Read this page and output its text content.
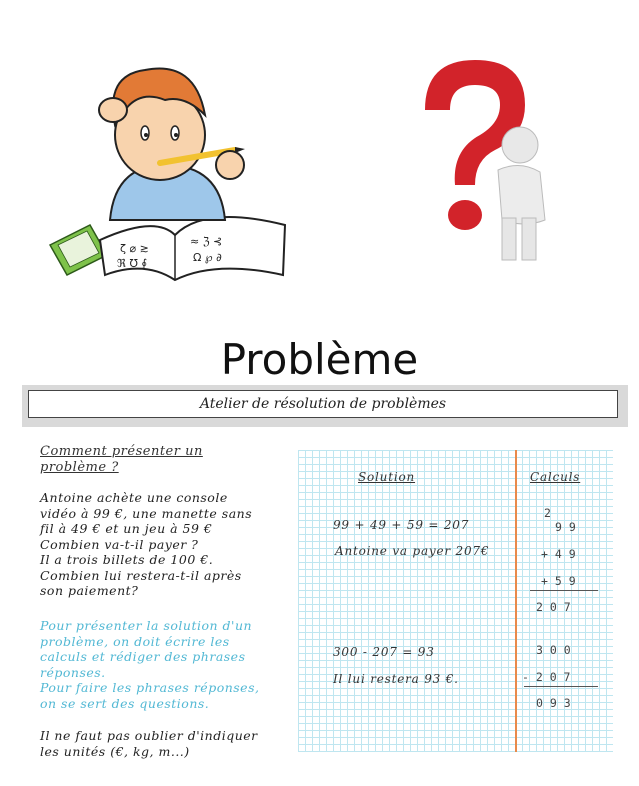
ζ ⌀ ≳
ℜ ℧ ∮
≈ ℨ ⊰
Ω ℘ ∂
Problème
Atelier de résolution de problèmes
Comment présenter un
problème ?
Antoine achète une console
vidéo à 99 €, une manette sans
fil à 49 € et un jeu à 59 €
Combien va-t-il payer ?
Il a trois billets de 100 €.
Combien lui restera-t-il après
son paiement?
Pour présenter la solution d'un
problème, on doit écrire les
calculs et rédiger des phrases
réponses.
Pour faire les phrases réponses,
on se sert des questions.
Il ne faut pas oublier d'indiquer
les unités (€, kg, m...)
Solution	Calculs
99 + 49 + 59 = 207
Antoine va payer 207€
300 - 207 = 93
Il lui restera 93 €.
2
9 9
+ 4 9
+ 5 9
2 0 7
3 0 0
- 2 0 7
0 9 3
